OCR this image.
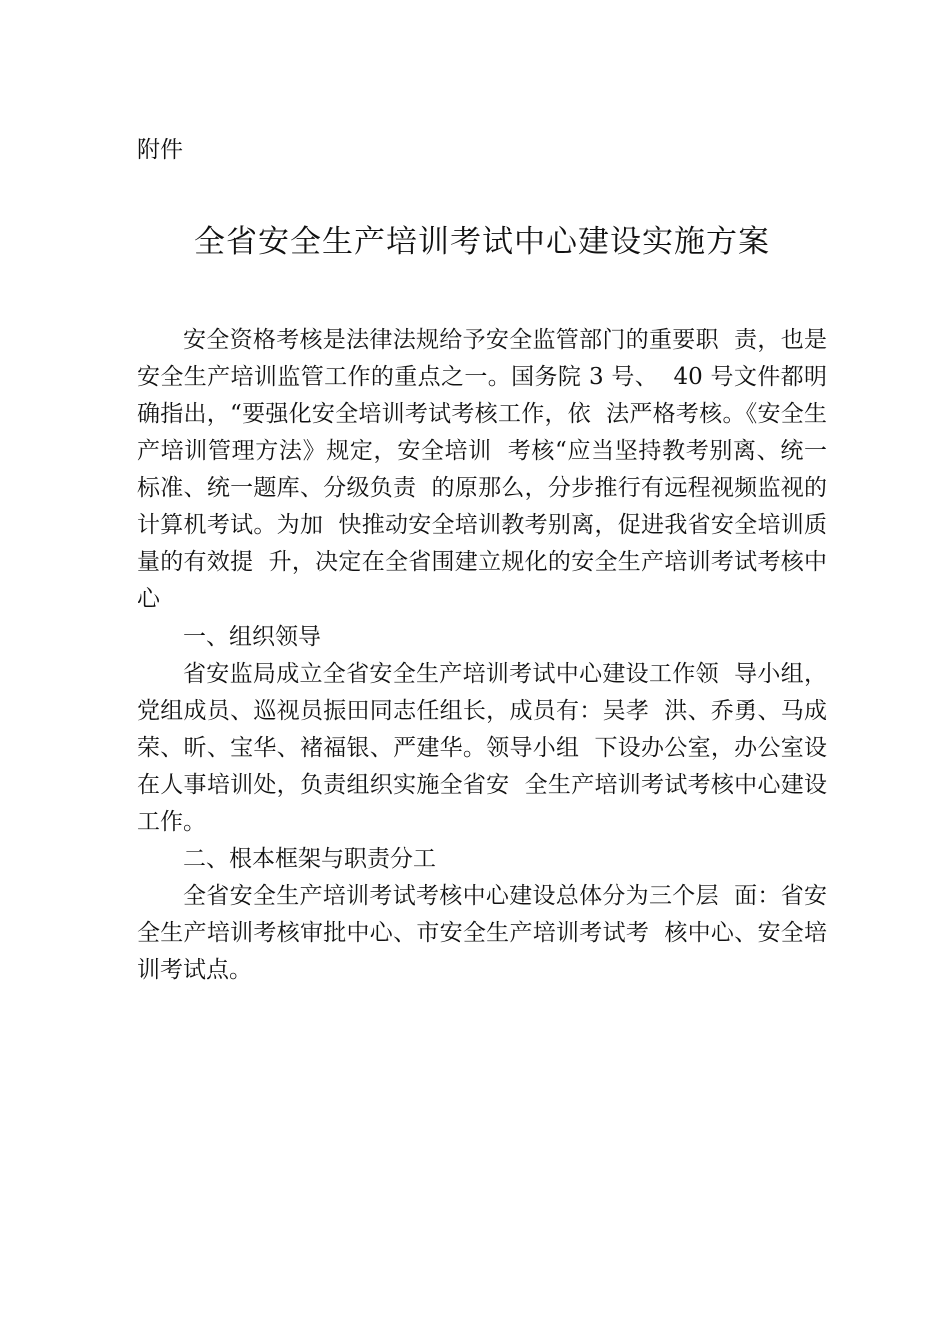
附件
全省安全生产培训考试中心建设实施方案

安全资格考核是法律法规给予安全监管部门的重要职  责，也是安全生产培训监管工作的重点之一。国务院 3 号、  40 号文件都明确指出，“要强化安全培训考试考核工作，依  法严格考核。《安全生产培训管理方法》规定，安全培训  考核“应当坚持教考别离、统一标准、统一题库、分级负责  的原那么，分步推行有远程视频监视的计算机考试。为加  快推动安全培训教考别离，促进我省安全培训质量的有效提  升，决定在全省围建立规化的安全生产培训考试考核中心

一、组织领导

省安监局成立全省安全生产培训考试中心建设工作领  导小组，党组成员、巡视员振田同志任组长，成员有：吴孝  洪、乔勇、马成荣、昕、宝华、褚福银、严建华。领导小组  下设办公室，办公室设在人事培训处，负责组织实施全省安  全生产培训考试考核中心建设工作。

二、根本框架与职责分工

全省安全生产培训考试考核中心建设总体分为三个层  面：省安全生产培训考核审批中心、市安全生产培训考试考  核中心、安全培训考试点。
